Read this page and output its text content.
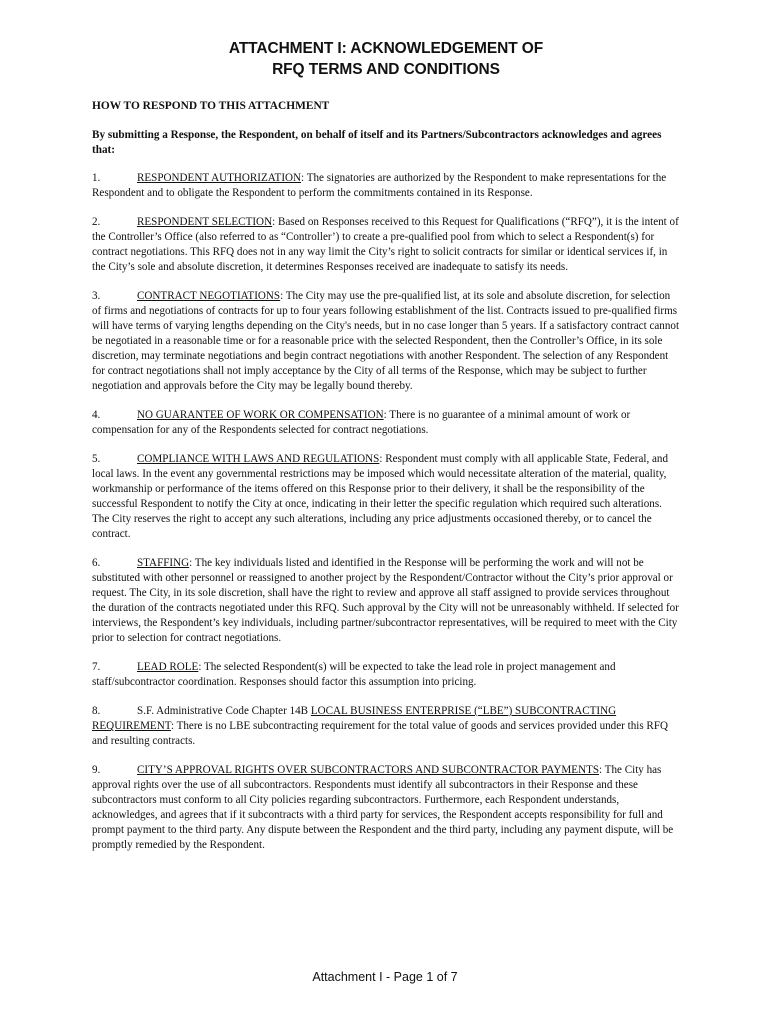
ATTACHMENT I: ACKNOWLEDGEMENT OF
RFQ TERMS AND CONDITIONS

HOW TO RESPOND TO THIS ATTACHMENT

By submitting a Response, the Respondent, on behalf of itself and its Partners/Subcontractors acknowledges and agrees that:

1.	RESPONDENT AUTHORIZATION: The signatories are authorized by the Respondent to make representations for the Respondent and to obligate the Respondent to perform the commitments contained in its Response.

2.	RESPONDENT SELECTION: Based on Responses received to this Request for Qualifications (“RFQ”), it is the intent of the Controller’s Office (also referred to as “Controller’) to create a pre-qualified pool from which to select a Respondent(s) for contract negotiations. This RFQ does not in any way limit the City’s right to solicit contracts for similar or identical services if, in the City’s sole and absolute discretion, it determines Responses received are inadequate to satisfy its needs.

3.	CONTRACT NEGOTIATIONS: The City may use the pre-qualified list, at its sole and absolute discretion, for selection of firms and negotiations of contracts for up to four years following establishment of the list. Contracts issued to pre-qualified firms will have terms of varying lengths depending on the City's needs, but in no case longer than 5 years. If a satisfactory contract cannot be negotiated in a reasonable time or for a reasonable price with the selected Respondent, then the Controller’s Office, in its sole discretion, may terminate negotiations and begin contract negotiations with another Respondent. The selection of any Respondent for contract negotiations shall not imply acceptance by the City of all terms of the Response, which may be subject to further negotiation and approvals before the City may be legally bound thereby.

4.	NO GUARANTEE OF WORK OR COMPENSATION: There is no guarantee of a minimal amount of work or compensation for any of the Respondents selected for contract negotiations.

5.	COMPLIANCE WITH LAWS AND REGULATIONS: Respondent must comply with all applicable State, Federal, and local laws. In the event any governmental restrictions may be imposed which would necessitate alteration of the material, quality, workmanship or performance of the items offered on this Response prior to their delivery, it shall be the responsibility of the successful Respondent to notify the City at once, indicating in their letter the specific regulation which required such alterations. The City reserves the right to accept any such alterations, including any price adjustments occasioned thereby, or to cancel the contract.

6.	STAFFING: The key individuals listed and identified in the Response will be performing the work and will not be substituted with other personnel or reassigned to another project by the Respondent/Contractor without the City’s prior approval or request. The City, in its sole discretion, shall have the right to review and approve all staff assigned to provide services throughout the duration of the contracts negotiated under this RFQ. Such approval by the City will not be unreasonably withheld. If selected for interviews, the Respondent’s key individuals, including partner/subcontractor representatives, will be required to meet with the City prior to selection for contract negotiations.

7.	LEAD ROLE: The selected Respondent(s) will be expected to take the lead role in project management and staff/subcontractor coordination. Responses should factor this assumption into pricing.

8.	S.F. Administrative Code Chapter 14B LOCAL BUSINESS ENTERPRISE (“LBE”) SUBCONTRACTING REQUIREMENT: There is no LBE subcontracting requirement for the total value of goods and services provided under this RFQ and resulting contracts.

9.	CITY’S APPROVAL RIGHTS OVER SUBCONTRACTORS AND SUBCONTRACTOR PAYMENTS: The City has approval rights over the use of all subcontractors. Respondents must identify all subcontractors in their Response and these subcontractors must conform to all City policies regarding subcontractors. Furthermore, each Respondent understands, acknowledges, and agrees that if it subcontracts with a third party for services, the Respondent accepts responsibility for full and prompt payment to the third party. Any dispute between the Respondent and the third party, including any payment dispute, will be promptly remedied by the Respondent.

Attachment I - Page 1 of 7
